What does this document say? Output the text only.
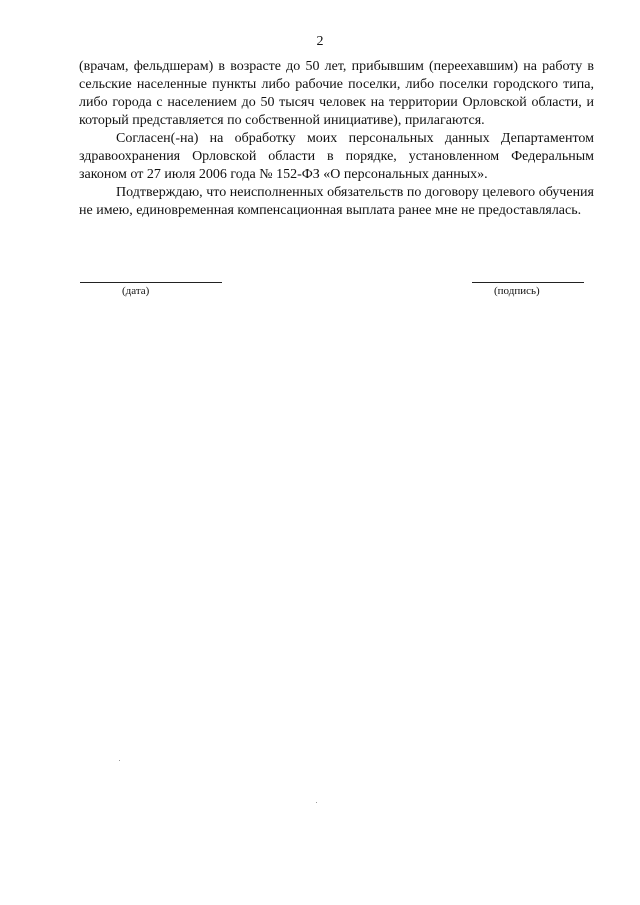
2

(врачам, фельдшерам) в возрасте до 50 лет, прибывшим (переехавшим) на работу в сельские населенные пункты либо рабочие поселки, либо поселки городского типа, либо города с населением до 50 тысяч человек на территории Орловской области, и который представляется по собственной инициативе), прилагаются.

Согласен(-на) на обработку моих персональных данных Департаментом здравоохранения Орловской области в порядке, установленном Федеральным законом от 27 июля 2006 года № 152-ФЗ «О персональных данных».

Подтверждаю, что неисполненных обязательств по договору целевого обучения не имею, единовременная компенсационная выплата ранее мне не предоставлялась.

(дата)	(подпись)
